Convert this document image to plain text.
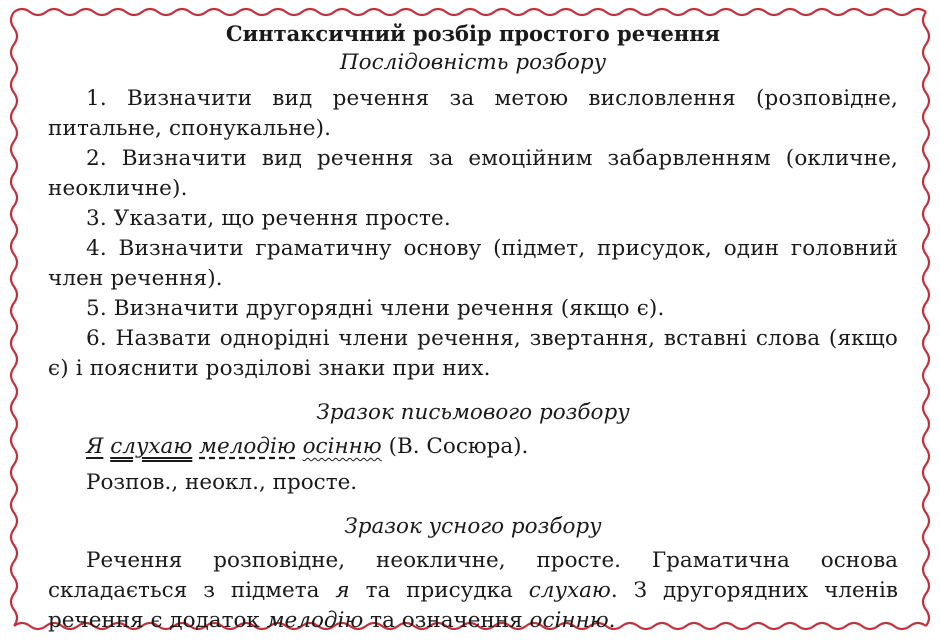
Синтаксичний розбір простого речення
Послідовність розбору

1. Визначити вид речення за метою висловлення (розповідне, питальне, спонукальне).

2. Визначити вид речення за емоційним забарвленням (окличне, неокличне).

3. Указати, що речення просте.

4. Визначити граматичну основу (підмет, присудок, один головний член речення).

5. Визначити другорядні члени речення (якщо є).

6. Назвати однорідні члени речення, звертання, вставні слова (якщо є) і пояснити розділові знаки при них.

Зразок письмового розбору

Я слухаю мелодію осінню (В. Сосюра).

Розпов., неокл., просте.

Зразок усного розбору

Речення розповідне, неокличне, просте. Граматична основа складається з підмета я та присудка слухаю. З другорядних членів речення є додаток мелодію та означення осінню.
